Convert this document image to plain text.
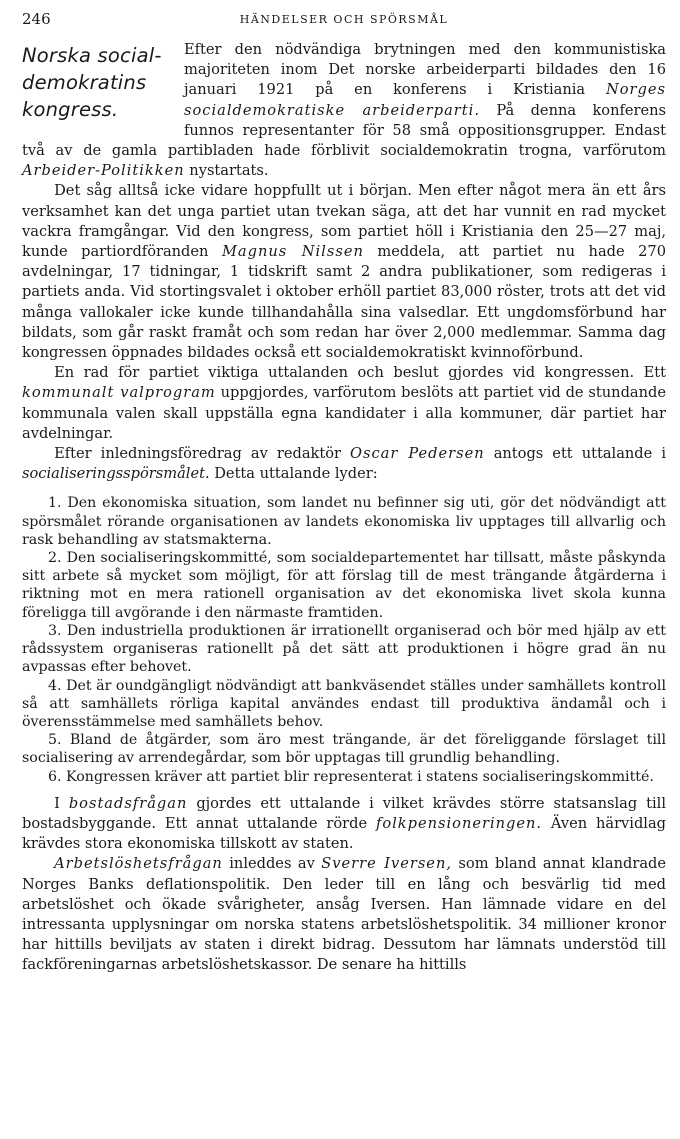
246	HÄNDELSER OCH SPÖRSMÅL
Norska social-
demokratins
kongress.

Efter den nödvändiga brytningen med den kommunistiska majoriteten inom Det norske arbeiderparti bildades den 16 januari 1921 på en konferens i Kristiania Norges socialdemokratiske arbeiderparti. På denna konferens funnos representanter för 58 små oppositionsgrupper. Endast två av de gamla partibladen hade förblivit socialdemokratin trogna, varförutom Arbeider-Politikken nystartats.

Det såg alltså icke vidare hoppfullt ut i början. Men efter något mera än ett års verksamhet kan det unga partiet utan tvekan säga, att det har vunnit en rad mycket vackra framgångar. Vid den kongress, som partiet höll i Kristiania den 25—27 maj, kunde partiordföranden Magnus Nilssen meddela, att partiet nu hade 270 avdelningar, 17 tidningar, 1 tidskrift samt 2 andra publikationer, som redigeras i partiets anda. Vid stortingsvalet i oktober erhöll partiet 83,000 röster, trots att det vid många vallokaler icke kunde tillhandahålla sina valsedlar. Ett ungdomsförbund har bildats, som går raskt framåt och som redan har över 2,000 medlemmar. Samma dag kongressen öppnades bildades också ett socialdemokratiskt kvinnoförbund.

En rad för partiet viktiga uttalanden och beslut gjordes vid kongressen. Ett kommunalt valprogram uppgjordes, varförutom beslöts att partiet vid de stundande kommunala valen skall uppställa egna kandidater i alla kommuner, där partiet har avdelningar.

Efter inledningsföredrag av redaktör Oscar Pedersen antogs ett uttalande i socialiseringsspörsmålet. Detta uttalande lyder:

1. Den ekonomiska situation, som landet nu befinner sig uti, gör det nödvändigt att spörsmålet rörande organisationen av landets ekonomiska liv upptages till allvarlig och rask behandling av statsmakterna.

2. Den socialiseringskommitté, som socialdepartementet har tillsatt, måste påskynda sitt arbete så mycket som möjligt, för att förslag till de mest trängande åtgärderna i riktning mot en mera rationell organisation av det ekonomiska livet skola kunna föreligga till avgörande i den närmaste framtiden.

3. Den industriella produktionen är irrationellt organiserad och bör med hjälp av ett rådssystem organiseras rationellt på det sätt att produktionen i högre grad än nu avpassas efter behovet.

4. Det är oundgängligt nödvändigt att bankväsendet ställes under samhällets kontroll så att samhällets rörliga kapital användes endast till produktiva ändamål och i överensstämmelse med samhällets behov.

5. Bland de åtgärder, som äro mest trängande, är det föreliggande förslaget till socialisering av arrendegårdar, som bör upptagas till grundlig behandling.

6. Kongressen kräver att partiet blir representerat i statens socialiseringskommitté.

I bostadsfrågan gjordes ett uttalande i vilket krävdes större statsanslag till bostadsbyggande. Ett annat uttalande rörde folkpensioneringen. Även härvidlag krävdes stora ekonomiska tillskott av staten.

Arbetslöshetsfrågan inleddes av Sverre Iversen, som bland annat klandrade Norges Banks deflationspolitik. Den leder till en lång och besvärlig tid med arbetslöshet och ökade svårigheter, ansåg Iversen. Han lämnade vidare en del intressanta upplysningar om norska statens arbetslöshetspolitik. 34 millioner kronor har hittills beviljats av staten i direkt bidrag. Dessutom har lämnats understöd till fackföreningarnas arbetslöshetskassor. De senare ha hittills
